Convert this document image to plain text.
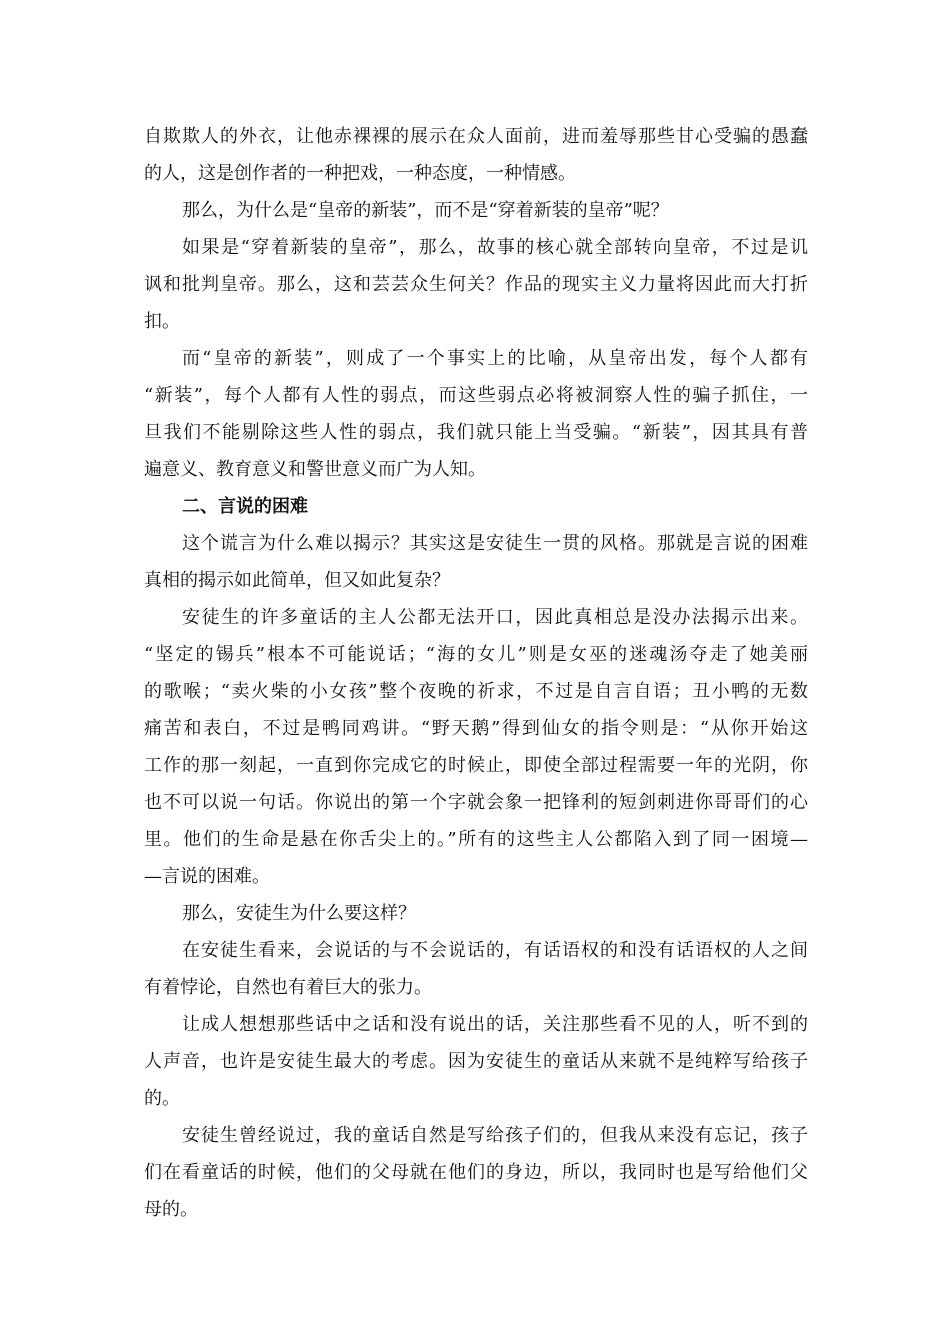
自欺欺人的外衣，让他赤裸裸的展示在众人面前，进而羞辱那些甘心受骗的愚蠢
的人，这是创作者的一种把戏，一种态度，一种情感。
那么，为什么是“皇帝的新装”，而不是“穿着新装的皇帝”呢？
如果是“穿着新装的皇帝”，那么，故事的核心就全部转向皇帝，不过是讥
讽和批判皇帝。那么，这和芸芸众生何关？作品的现实主义力量将因此而大打折
扣。
而“皇帝的新装”，则成了一个事实上的比喻，从皇帝出发，每个人都有
“新装”，每个人都有人性的弱点，而这些弱点必将被洞察人性的骗子抓住，一
旦我们不能剔除这些人性的弱点，我们就只能上当受骗。“新装”，因其具有普
遍意义、教育意义和警世意义而广为人知。
二、言说的困难
这个谎言为什么难以揭示？其实这是安徒生一贯的风格。那就是言说的困难
真相的揭示如此简单，但又如此复杂？
安徒生的许多童话的主人公都无法开口，因此真相总是没办法揭示出来。
“坚定的锡兵”根本不可能说话；“海的女儿”则是女巫的迷魂汤夺走了她美丽
的歌喉；“卖火柴的小女孩”整个夜晚的祈求，不过是自言自语；丑小鸭的无数
痛苦和表白，不过是鸭同鸡讲。“野天鹅”得到仙女的指令则是：“从你开始这
工作的那一刻起，一直到你完成它的时候止，即使全部过程需要一年的光阴，你
也不可以说一句话。你说出的第一个字就会象一把锋利的短剑刺进你哥哥们的心
里。他们的生命是悬在你舌尖上的。”所有的这些主人公都陷入到了同一困境—
—言说的困难。
那么，安徒生为什么要这样？
在安徒生看来，会说话的与不会说话的，有话语权的和没有话语权的人之间
有着悖论，自然也有着巨大的张力。
让成人想想那些话中之话和没有说出的话，关注那些看不见的人，听不到的
人声音，也许是安徒生最大的考虑。因为安徒生的童话从来就不是纯粹写给孩子
的。
安徒生曾经说过，我的童话自然是写给孩子们的，但我从来没有忘记，孩子
们在看童话的时候，他们的父母就在他们的身边，所以，我同时也是写给他们父
母的。
